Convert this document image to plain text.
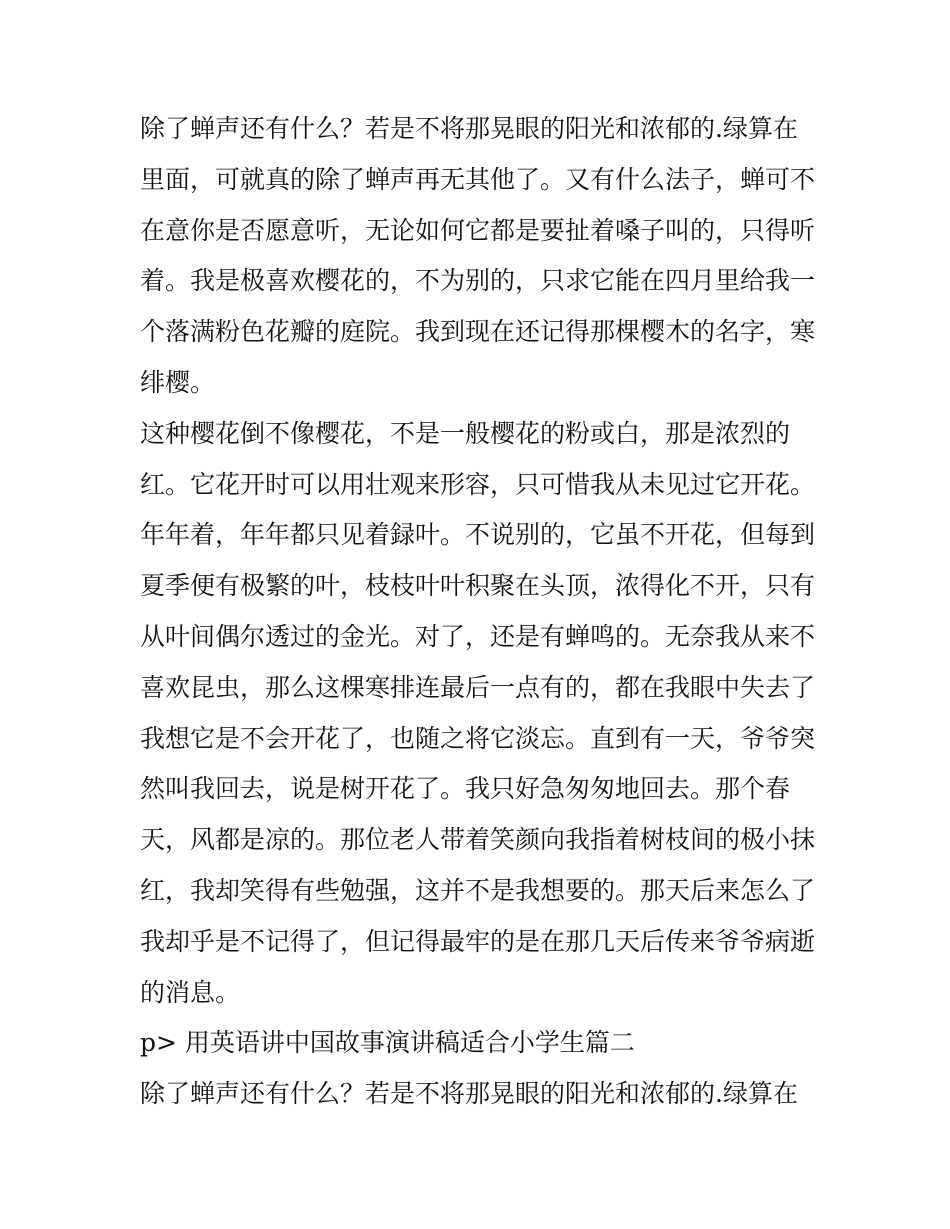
除了蝉声还有什么？若是不将那晃眼的阳光和浓郁的.绿算在
里面，可就真的除了蝉声再无其他了。又有什么法子，蝉可不
在意你是否愿意听，无论如何它都是要扯着嗓子叫的，只得听
着。我是极喜欢樱花的，不为别的，只求它能在四月里给我一
个落满粉色花瓣的庭院。我到现在还记得那棵樱木的名字，寒
绯樱。
这种樱花倒不像樱花，不是一般樱花的粉或白，那是浓烈的
红。它花开时可以用壮观来形容，只可惜我从未见过它开花。
年年着，年年都只见着録叶。不说别的，它虽不开花，但每到
夏季便有极繁的叶，枝枝叶叶积聚在头顶，浓得化不开，只有
从叶间偶尔透过的金光。对了，还是有蝉鸣的。无奈我从来不
喜欢昆虫，那么这棵寒排连最后一点有的，都在我眼中失去了
我想它是不会开花了，也随之将它淡忘。直到有一天，爷爷突
然叫我回去，说是树开花了。我只好急匆匆地回去。那个春
天，风都是凉的。那位老人带着笑颜向我指着树枝间的极小抹
红，我却笑得有些勉强，这并不是我想要的。那天后来怎么了
我却乎是不记得了，但记得最牢的是在那几天后传来爷爷病逝
的消息。
p> 用英语讲中国故事演讲稿适合小学生篇二
除了蝉声还有什么？若是不将那晃眼的阳光和浓郁的.绿算在
